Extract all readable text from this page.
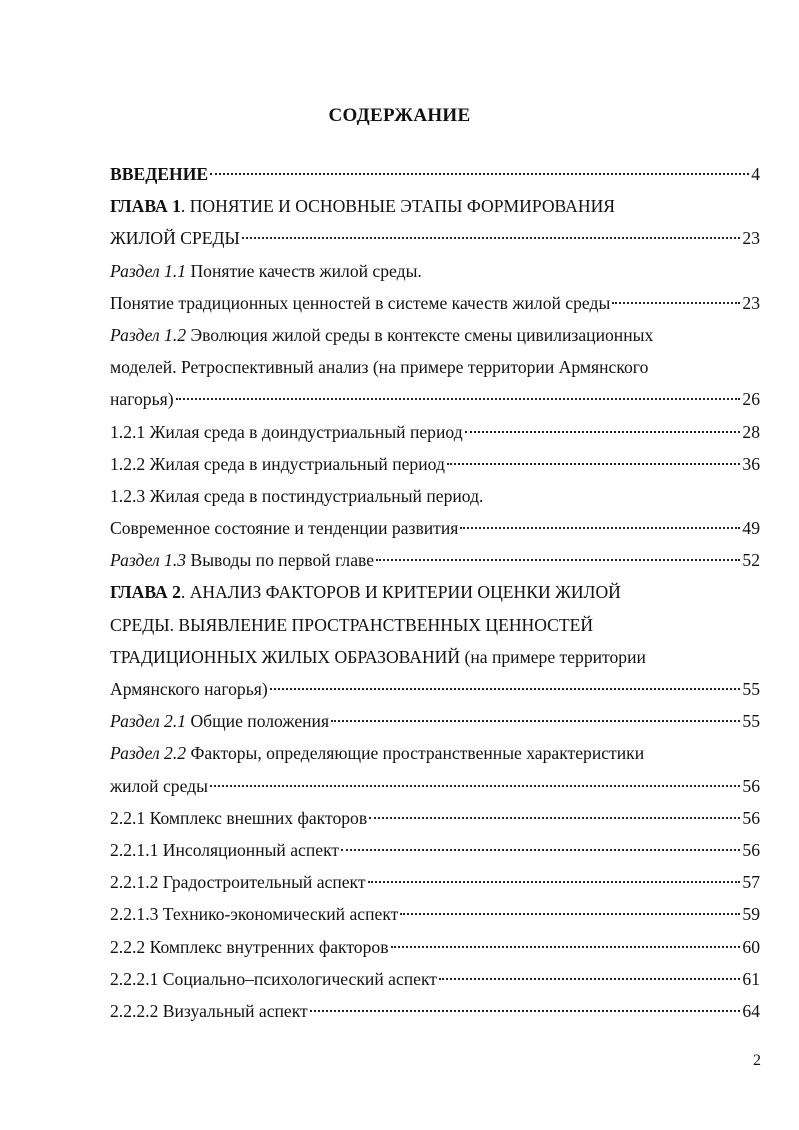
СОДЕРЖАНИЕ
ВВЕДЕНИЕ	4
ГЛАВА 1. ПОНЯТИЕ И ОСНОВНЫЕ ЭТАПЫ ФОРМИРОВАНИЯ
ЖИЛОЙ СРЕДЫ	23
Раздел 1.1 Понятие качеств жилой среды.
Понятие традиционных ценностей в системе качеств жилой среды	23
Раздел 1.2 Эволюция жилой среды в контексте смены цивилизационных
моделей. Ретроспективный анализ (на примере территории Армянского
нагорья)	26
1.2.1 Жилая среда в доиндустриальный период	28
1.2.2 Жилая среда в индустриальный период	36
1.2.3 Жилая среда в постиндустриальный период.
Современное состояние и тенденции развития	49
Раздел 1.3 Выводы по первой главе	52
ГЛАВА 2. АНАЛИЗ ФАКТОРОВ И КРИТЕРИИ ОЦЕНКИ ЖИЛОЙ
СРЕДЫ. ВЫЯВЛЕНИЕ ПРОСТРАНСТВЕННЫХ ЦЕННОСТЕЙ
ТРАДИЦИОННЫХ ЖИЛЫХ ОБРАЗОВАНИЙ (на примере территории
Армянского нагорья)	55
Раздел 2.1 Общие положения	55
Раздел 2.2 Факторы, определяющие пространственные характеристики
жилой среды	56
2.2.1 Комплекс внешних факторов	56
2.2.1.1 Инсоляционный аспект	56
2.2.1.2 Градостроительный аспект	57
2.2.1.3 Технико-экономический аспект	59
2.2.2 Комплекс внутренних факторов	60
2.2.2.1 Социально–психологический аспект	61
2.2.2.2 Визуальный аспект	64
2
